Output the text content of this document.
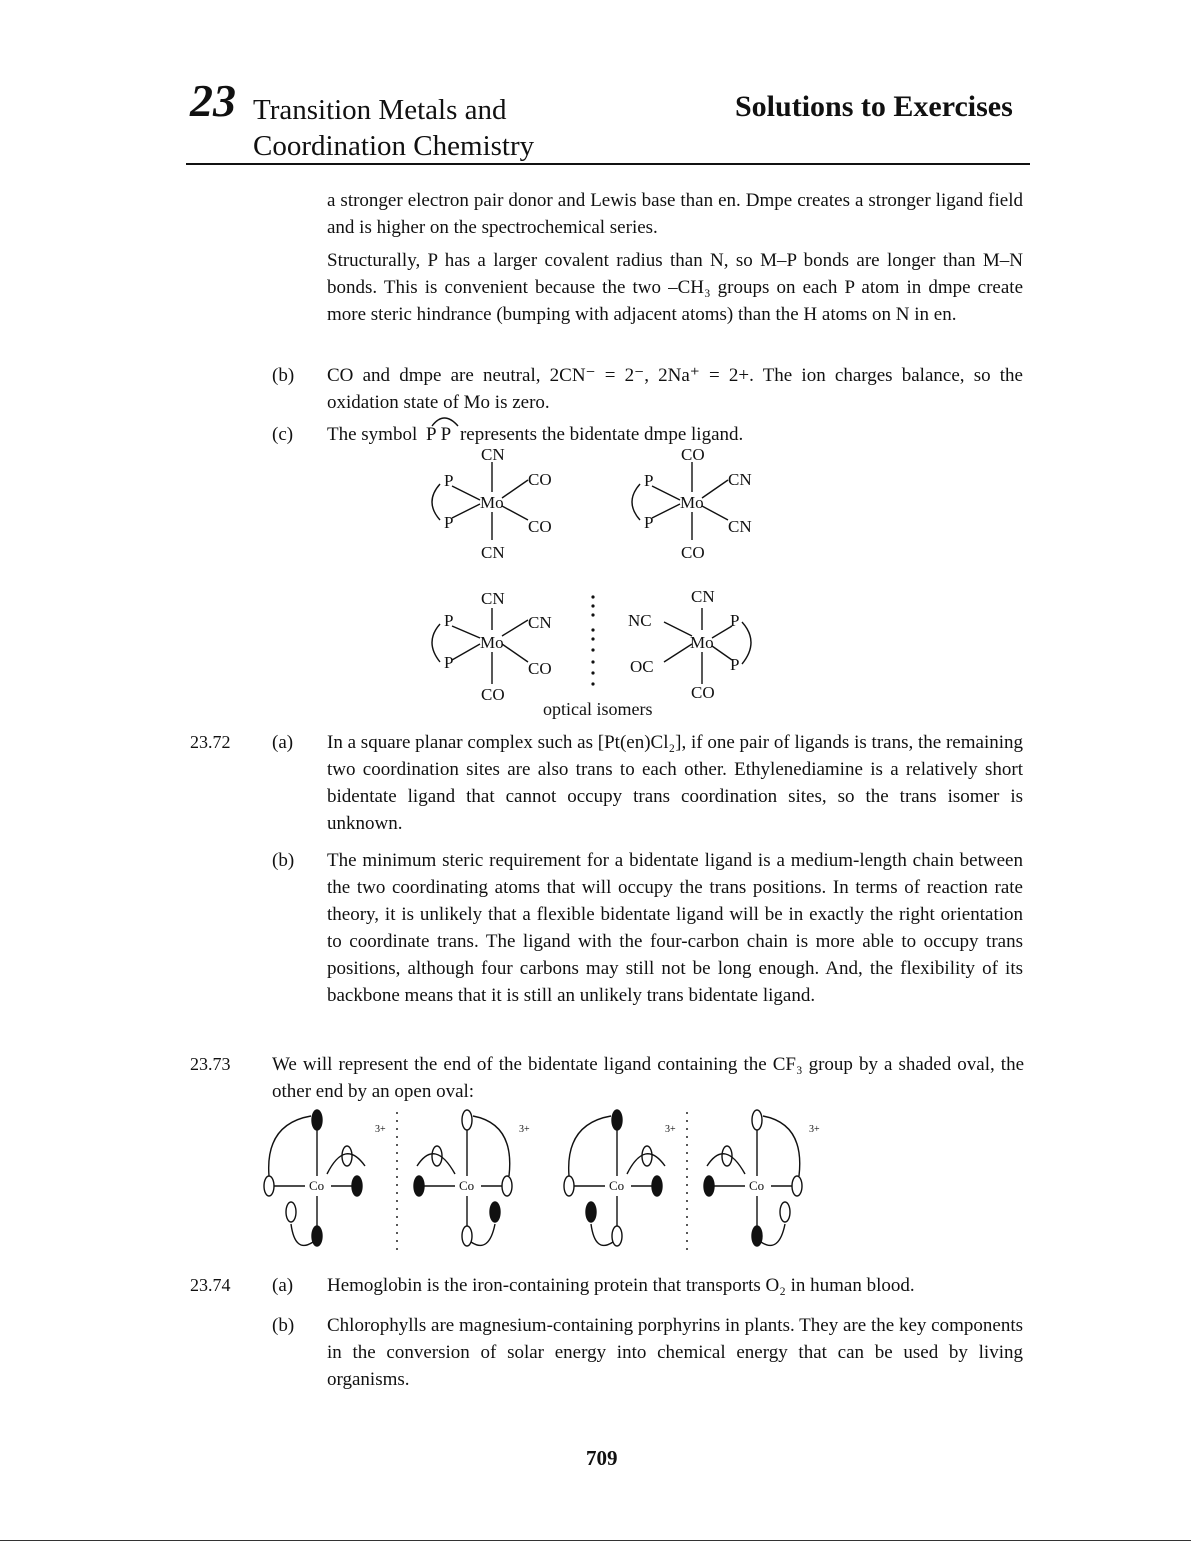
23 Transition Metals and
Coordination Chemistry
Solutions to Exercises
a stronger electron pair donor and Lewis base than en. Dmpe creates a stronger ligand field and is higher on the spectrochemical series.
Structurally, P has a larger covalent radius than N, so M–P bonds are longer than M–N bonds. This is convenient because the two –CH₃ groups on each P atom in dmpe create more steric hindrance (bumping with adjacent atoms) than the H atoms on N in en.
(b) CO and dmpe are neutral, 2CN⁻ = 2⁻, 2Na⁺ = 2+. The ion charges balance, so the oxidation state of Mo is zero.
(c) The symbol P P represents the bidentate dmpe ligand.
CN
CO
Mo
CO
CN
P
P
CO
CN
Mo
CN
CO
P
P
CN
CN
Mo
CO
CO
P
P
CN
NC
Mo
OC
CO
P
P
optical isomers
23.72 (a) In a square planar complex such as [Pt(en)Cl₂], if one pair of ligands is trans, the remaining two coordination sites are also trans to each other. Ethylenediamine is a relatively short bidentate ligand that cannot occupy trans coordination sites, so the trans isomer is unknown.
(b) The minimum steric requirement for a bidentate ligand is a medium-length chain between the two coordinating atoms that will occupy the trans positions. In terms of reaction rate theory, it is unlikely that a flexible bidentate ligand will be in exactly the right orientation to coordinate trans. The ligand with the four-carbon chain is more able to occupy trans positions, although four carbons may still not be long enough. And, the flexibility of its backbone means that it is still an unlikely trans bidentate ligand.
23.73 We will represent the end of the bidentate ligand containing the CF₃ group by a shaded oval, the other end by an open oval:
Co	Co	Co	Co
3+	3+	3+	3+
23.74 (a) Hemoglobin is the iron-containing protein that transports O₂ in human blood.
(b) Chlorophylls are magnesium-containing porphyrins in plants. They are the key components in the conversion of solar energy into chemical energy that can be used by living organisms.
709
